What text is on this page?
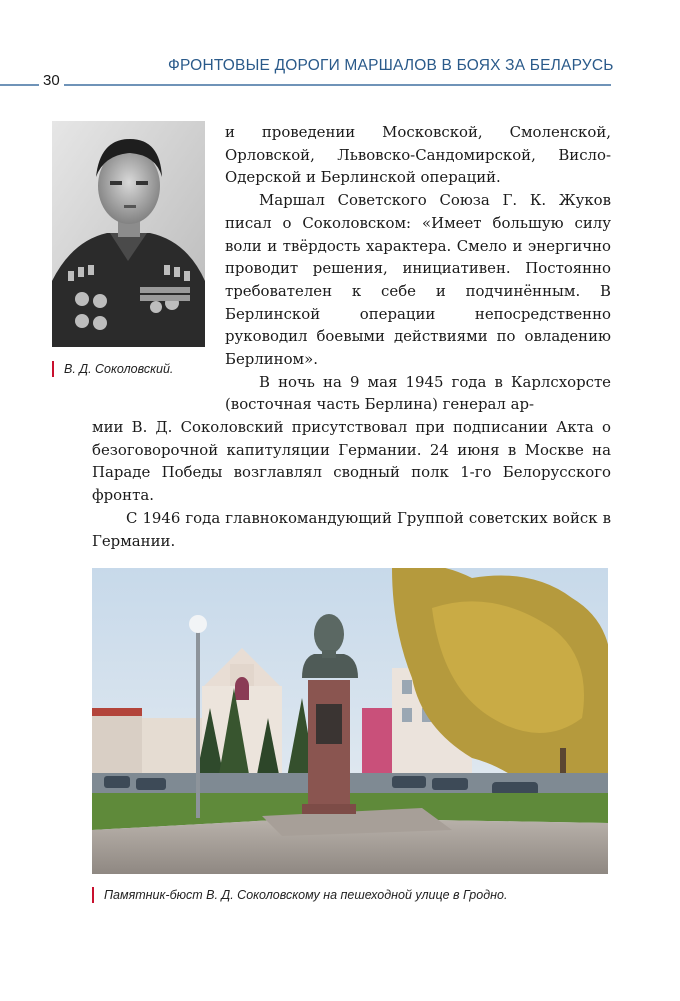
ФРОНТОВЫЕ ДОРОГИ МАРШАЛОВ В БОЯХ ЗА БЕЛАРУСЬ
30
В. Д. Соколовский.

и проведении Московской, Смоленской, Орловской, Львовско-Сандомирской, Висло-Одерской и Берлинской операций.

Маршал Советского Союза Г. К. Жуков писал о Соколовском: «Имеет большую силу воли и твёрдость характера. Смело и энергично проводит решения, инициативен. Постоянно требователен к себе и подчинённым. В Берлинской операции непосредственно руководил боевыми действиями по овладению Берлином».

В ночь на 9 мая 1945 года в Карлсхорсте (восточная часть Берлина) генерал ар-

мии В. Д. Соколовский присутствовал при подписании Акта о безоговорочной капитуляции Германии. 24 июня в Москве на Параде Победы возглавлял сводный полк 1-го Белорусского фронта.

С 1946 года главнокомандующий Группой советских войск в Германии.

Памятник-бюст В. Д. Соколовскому на пешеходной улице в Гродно.
